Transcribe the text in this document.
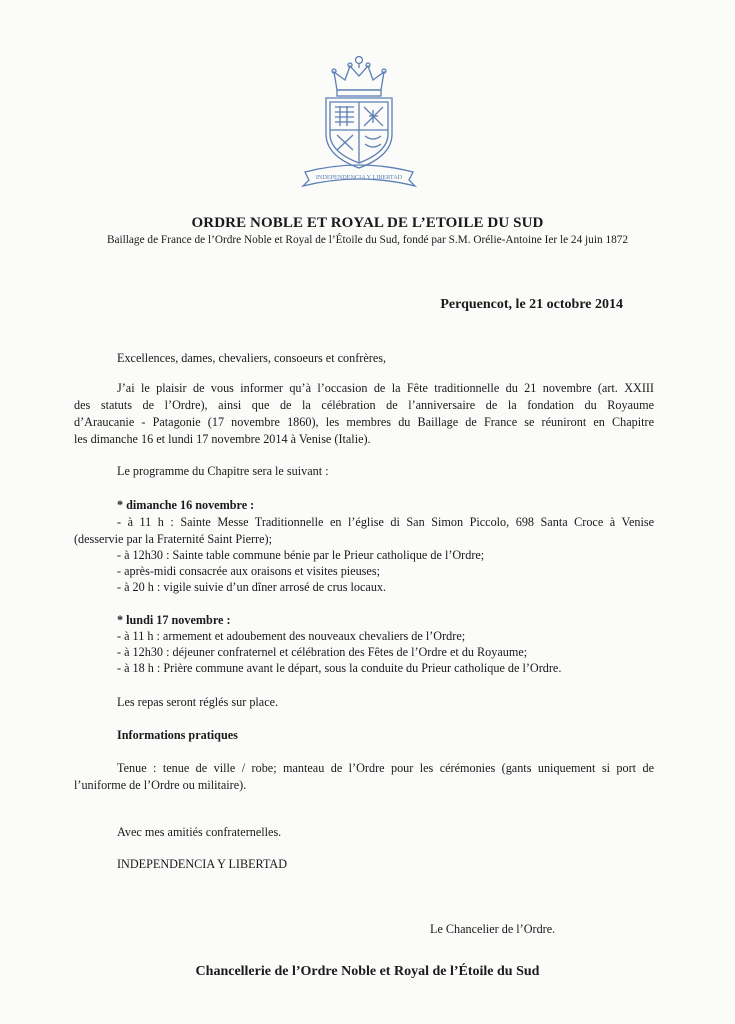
INDEPENDENCIA Y LIBERTAD
ORDRE NOBLE ET ROYAL DE L’ETOILE DU SUD
Baillage de France de l’Ordre Noble et Royal de l’Étoile du Sud, fondé par S.M. Orélie-Antoine Ier le 24 juin 1872
Perquencot, le 21 octobre 2014
Excellences, dames, chevaliers, consoeurs et confrères,
J’ai le plaisir de vous informer qu’à l’occasion de la Fête traditionnelle du 21 novembre (art. XXIII
des statuts de l’Ordre), ainsi que de la célébration de l’anniversaire de la fondation du Royaume
d’Araucanie - Patagonie (17 novembre 1860), les membres du Baillage de France se réuniront en Chapitre
les dimanche 16 et lundi 17 novembre 2014 à Venise (Italie).
Le programme du Chapitre sera le suivant :
* dimanche 16 novembre :
- à 11 h : Sainte Messe Traditionnelle en l’église di San Simon Piccolo, 698 Santa Croce à Venise
(desservie par la Fraternité Saint Pierre);
- à 12h30 : Sainte table commune bénie par le Prieur catholique de l’Ordre;
- après-midi consacrée aux oraisons et visites pieuses;
- à 20 h : vigile suivie d’un dîner arrosé de crus locaux.
* lundi 17 novembre :
- à 11 h : armement et adoubement des nouveaux chevaliers de l’Ordre;
- à 12h30 : déjeuner confraternel et célébration des Fêtes de l’Ordre et du Royaume;
- à 18 h : Prière commune avant le départ, sous la conduite du Prieur catholique de l’Ordre.
Les repas seront réglés sur place.
Informations pratiques
Tenue : tenue de ville / robe; manteau de l’Ordre pour les cérémonies (gants uniquement si port de
l’uniforme de l’Ordre ou militaire).
Avec mes amitiés confraternelles.
INDEPENDENCIA Y LIBERTAD
Le Chancelier de l’Ordre.
Chancellerie de l’Ordre Noble et Royal de l’Étoile du Sud
